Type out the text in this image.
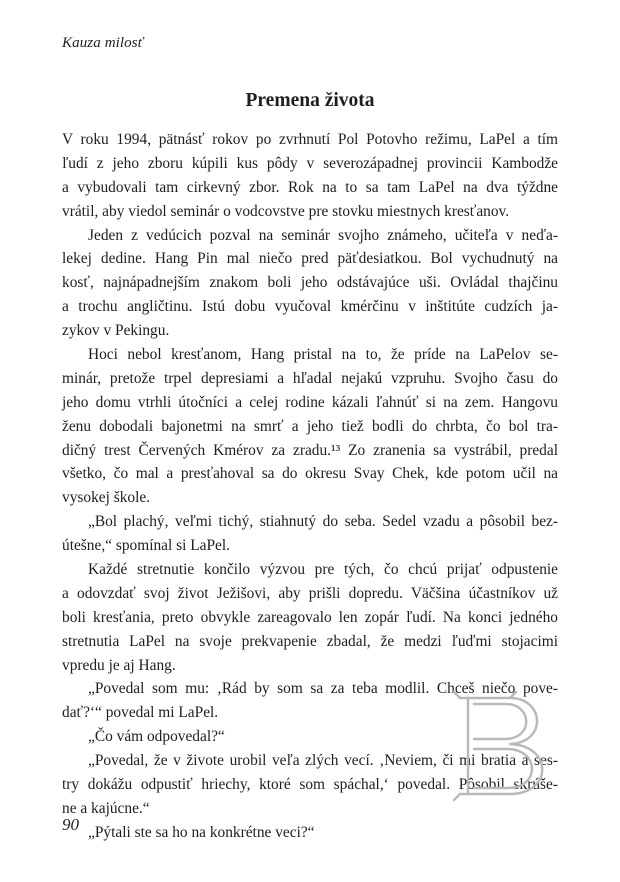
Kauza milosť
Premena života
V roku 1994, pätnásť rokov po zvrhnutí Pol Potovho režimu, LaPel a tím
ľudí z jeho zboru kúpili kus pôdy v severozápadnej provincii Kambodže
a vybudovali tam cirkevný zbor. Rok na to sa tam LaPel na dva týždne
vrátil, aby viedol seminár o vodcovstve pre stovku miestnych kresťanov.
Jeden z vedúcich pozval na seminár svojho známeho, učiteľa v neďa-
lekej dedine. Hang Pin mal niečo pred päťdesiatkou. Bol vychudnutý na
kosť, najnápadnejším znakom boli jeho odstávajúce uši. Ovládal thajčinu
a trochu angličtinu. Istú dobu vyučoval kmérčinu v inštitúte cudzích ja-
zykov v Pekingu.
Hoci nebol kresťanom, Hang pristal na to, že príde na LaPelov se-
minár, pretože trpel depresiami a hľadal nejakú vzpruhu. Svojho času do
jeho domu vtrhli útočníci a celej rodine kázali ľahnúť si na zem. Hangovu
ženu dobodali bajonetmi na smrť a jeho tiež bodli do chrbta, čo bol tra-
dičný trest Červených Kmérov za zradu.¹³ Zo zranenia sa vystrábil, predal
všetko, čo mal a presťahoval sa do okresu Svay Chek, kde potom učil na
vysokej škole.
„Bol plachý, veľmi tichý, stiahnutý do seba. Sedel vzadu a pôsobil bez-
útešne,“ spomínal si LaPel.
Každé stretnutie končilo výzvou pre tých, čo chcú prijať odpustenie
a odovzdať svoj život Ježišovi, aby prišli dopredu. Väčšina účastníkov už
boli kresťania, preto obvykle zareagovalo len zopár ľudí. Na konci jedného
stretnutia LaPel na svoje prekvapenie zbadal, že medzi ľuďmi stojacimi
vpredu je aj Hang.
„Povedal som mu: ‚Rád by som sa za teba modlil. Chceš niečo pove-
dať?‘“ povedal mi LaPel.
„Čo vám odpovedal?“
„Povedal, že v živote urobil veľa zlých vecí. ‚Neviem, či mi bratia a ses-
try dokážu odpustiť hriechy, ktoré som spáchal,‘ povedal. Pôsobil skrúše-
ne a kajúcne.“
„Pýtali ste sa ho na konkrétne veci?“
90
